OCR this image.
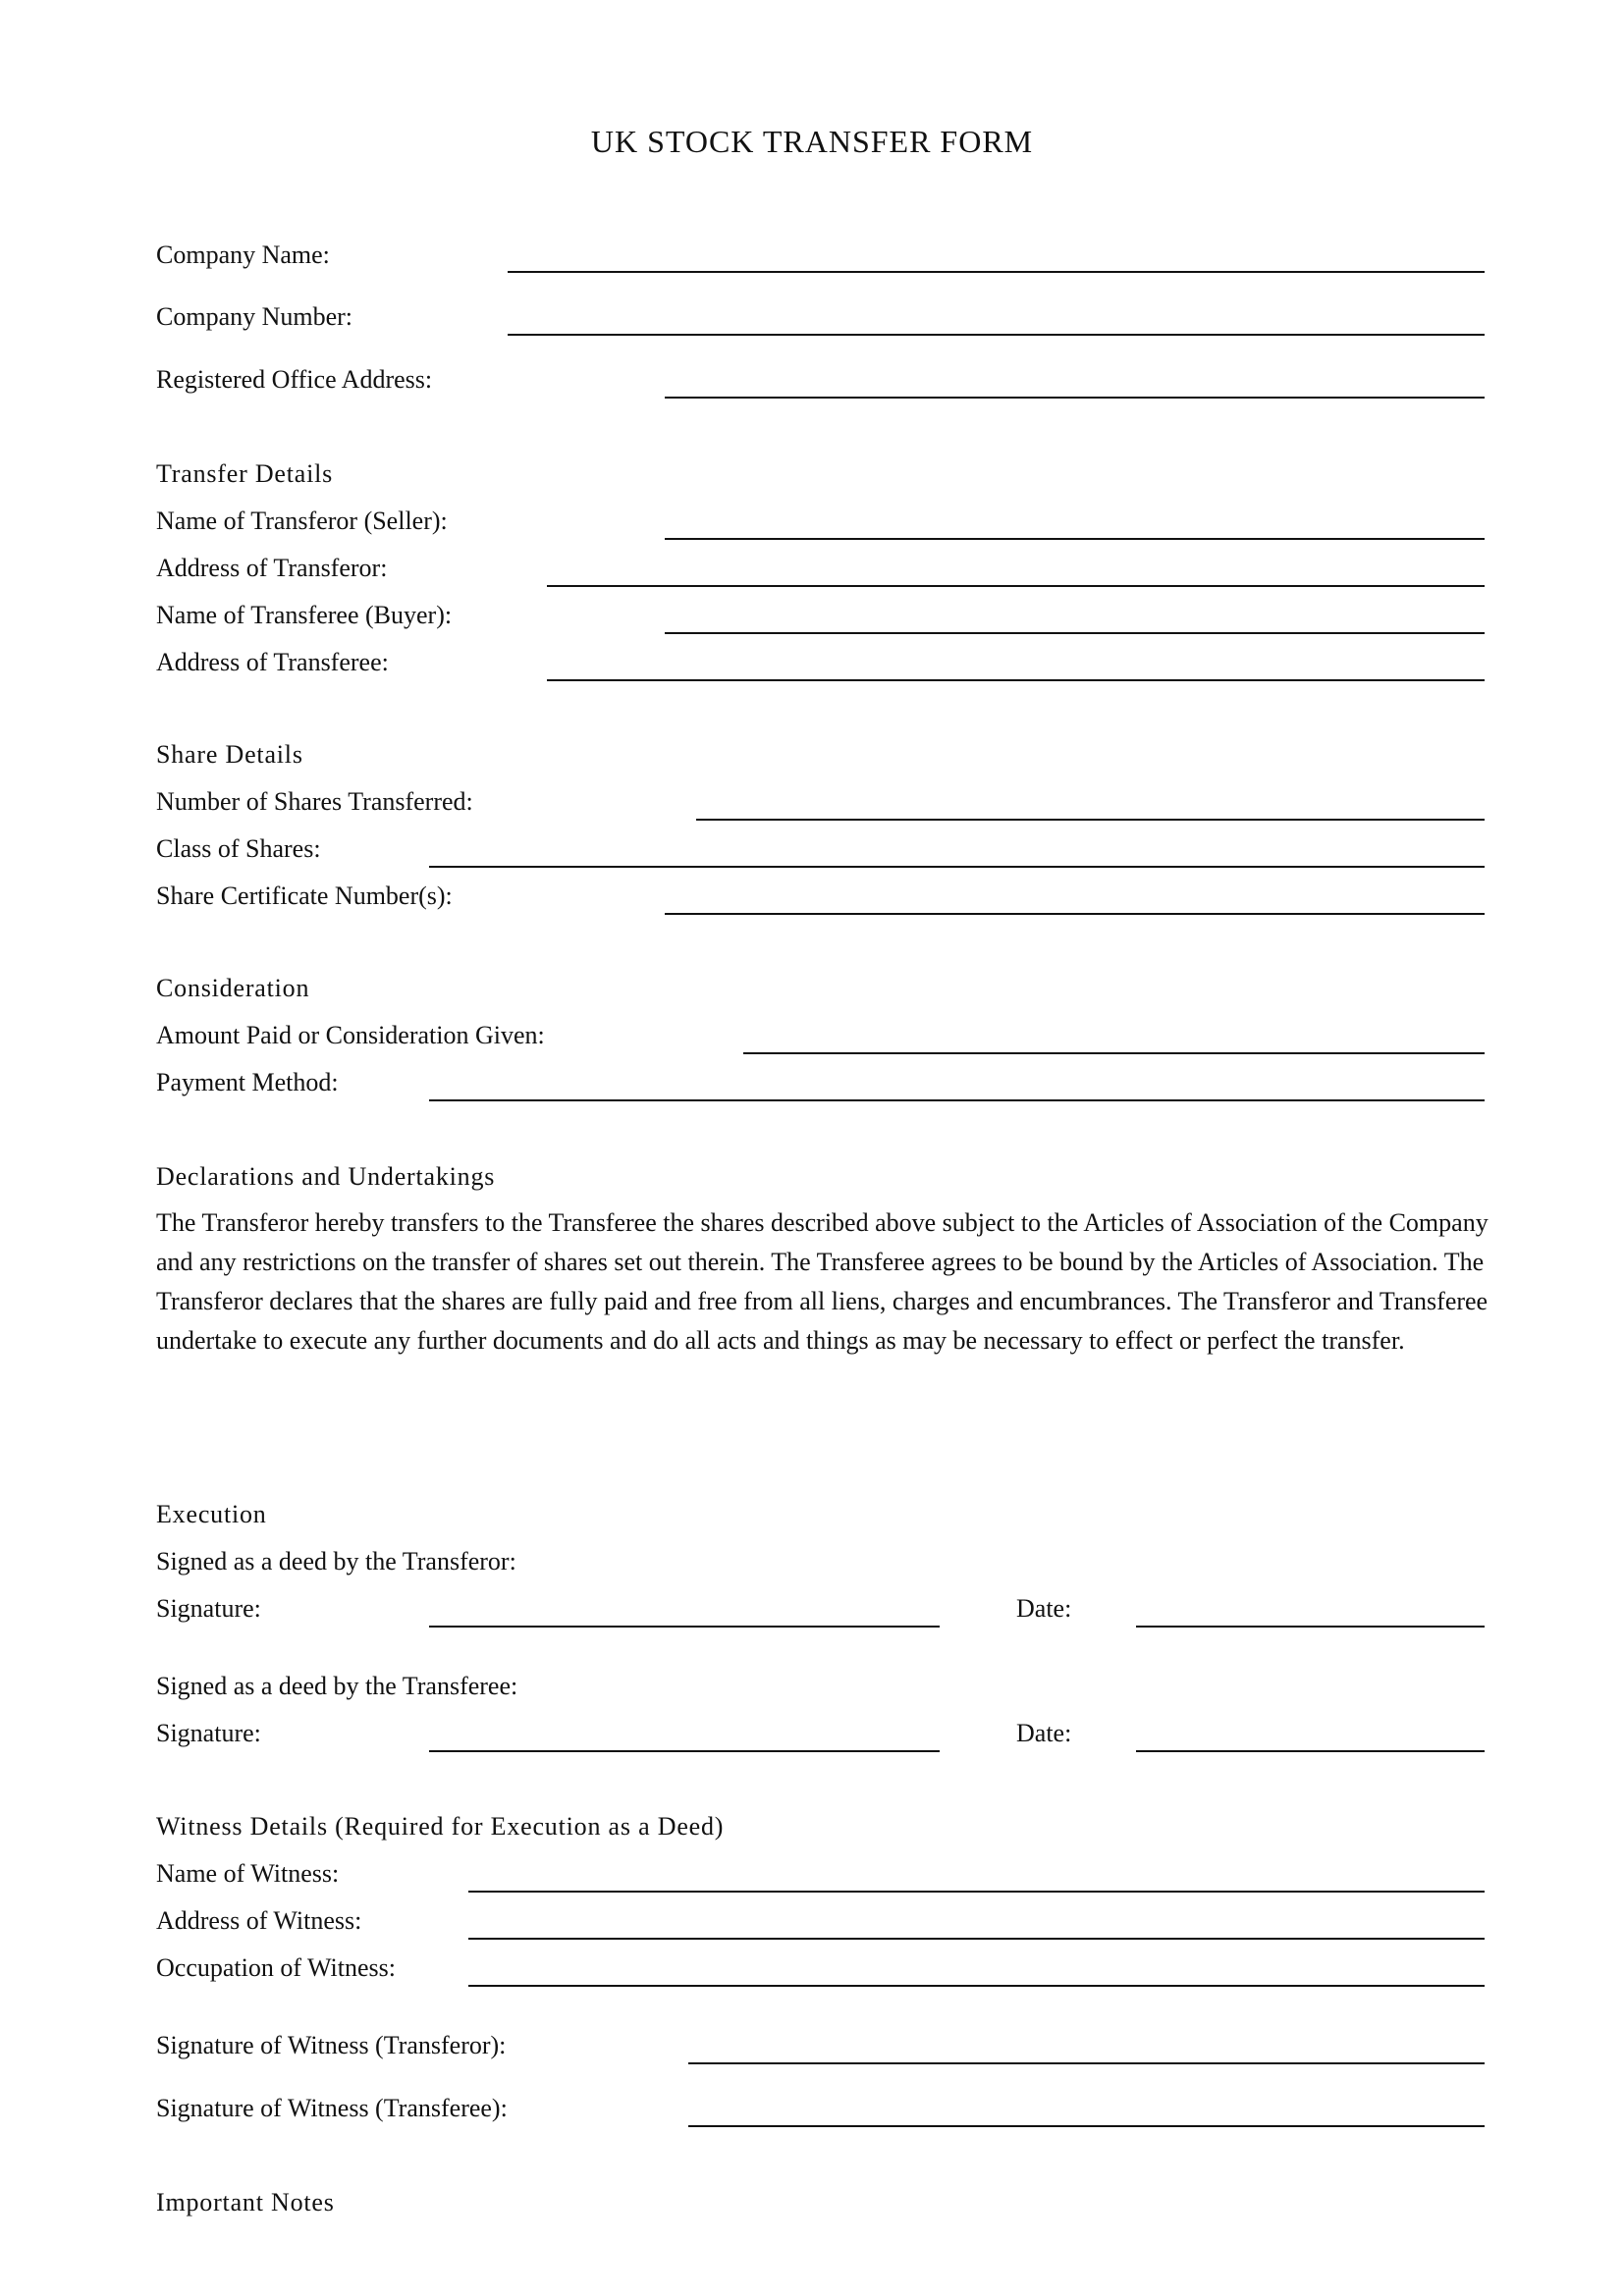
UK STOCK TRANSFER FORM
Company Name:
Company Number:
Registered Office Address:
Transfer Details
Name of Transferor (Seller):
Address of Transferor:
Name of Transferee (Buyer):
Address of Transferee:
Share Details
Number of Shares Transferred:
Class of Shares:
Share Certificate Number(s):
Consideration
Amount Paid or Consideration Given:
Payment Method:
Declarations and Undertakings
The Transferor hereby transfers to the Transferee the shares described above subject to the Articles of Association of the Company and any restrictions on the transfer of shares set out therein. The Transferee agrees to be bound by the Articles of Association. The Transferor declares that the shares are fully paid and free from all liens, charges and encumbrances. The Transferor and Transferee undertake to execute any further documents and do all acts and things as may be necessary to effect or perfect the transfer.
Execution
Signed as a deed by the Transferor:
Signature:	Date:
Signed as a deed by the Transferee:
Signature:	Date:
Witness Details (Required for Execution as a Deed)
Name of Witness:
Address of Witness:
Occupation of Witness:
Signature of Witness (Transferor):
Signature of Witness (Transferee):
Important Notes
